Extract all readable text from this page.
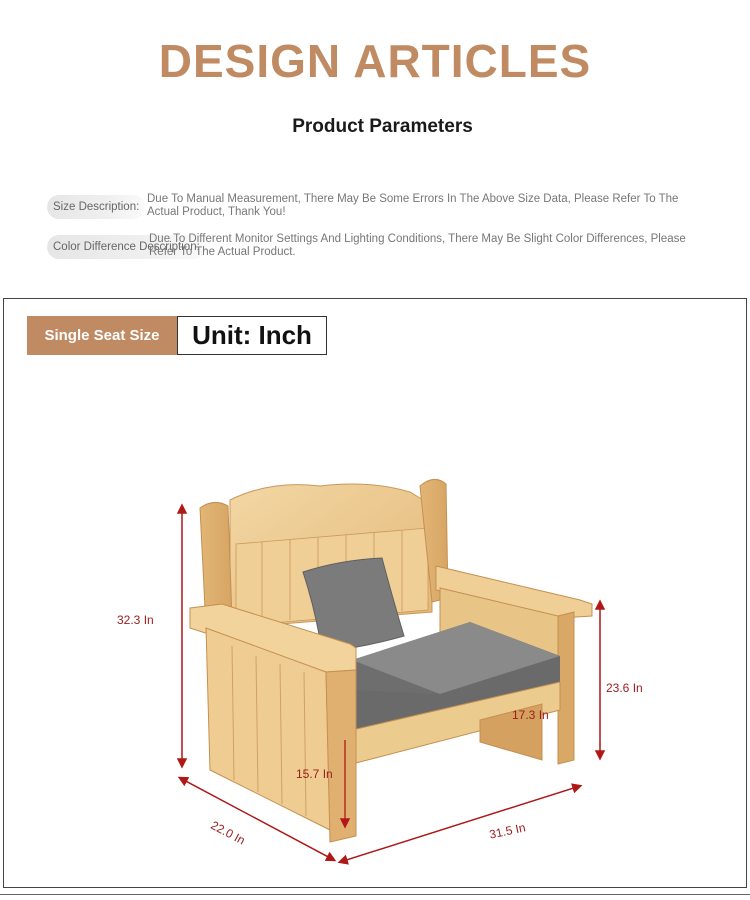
DESIGN ARTICLES
Product Parameters
Size Description:
Due To Manual Measurement, There May Be Some Errors In The Above Size Data, Please Refer To The Actual Product, Thank You!
Color Difference Description:
Due To Different Monitor Settings And Lighting Conditions, There May Be Slight Color Differences, Please Refer To The Actual Product.
Single Seat Size	Unit: Inch
32.3 In
23.6 In
17.3 In
15.7 In
22.0 In	31.5 In
